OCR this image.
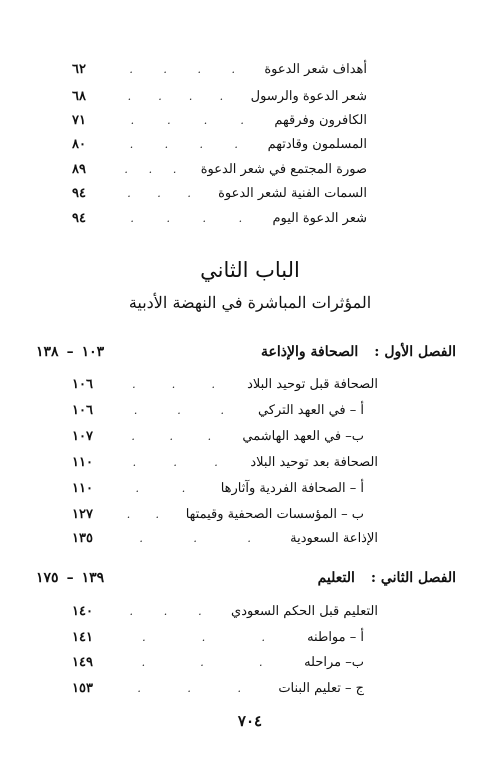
أهداف شعر الدعوة
.
.
.
.
٦٢
شعر الدعوة والرسول
.
.
.
.
٦٨
الكافرون وفرقهم
.
.
.
.
٧١
المسلمون وقادتهم
.
.
.
.
٨٠
صورة المجتمع في شعر الدعوة
.
.
.
٨٩
السمات الفنية لشعر الدعوة
.
.
.
٩٤
شعر الدعوة اليوم
.
.
.
.
٩٤
الباب الثاني
المؤثرات المباشرة في النهضة الأدبية
الفصل الأول :
الصحافة والإذاعة
١٠٣–١٣٨
الصحافة قبل توحيد البلاد
.
.
.
١٠٦
أ – في العهد التركي
.
.
.
١٠٦
ب– في العهد الهاشمي
.
.
.
١٠٧
الصحافة بعد توحيد البلاد
.
.
.
١١٠
أ – الصحافة الفردية وآثارها
.
.
١١٠
ب – المؤسسات الصحفية وقيمتها
.
.
١٢٧
الإذاعة السعودية
.
.
.
١٣٥
الفصل الثاني :
التعليم
١٣٩–١٧٥
التعليم قبل الحكم السعودي
.
.
.
١٤٠
أ – مواطنه
.
.
.
١٤١
ب– مراحله
.
.
.
١٤٩
ج – تعليم البنات
.
.
.
١٥٣
٧٠٤
